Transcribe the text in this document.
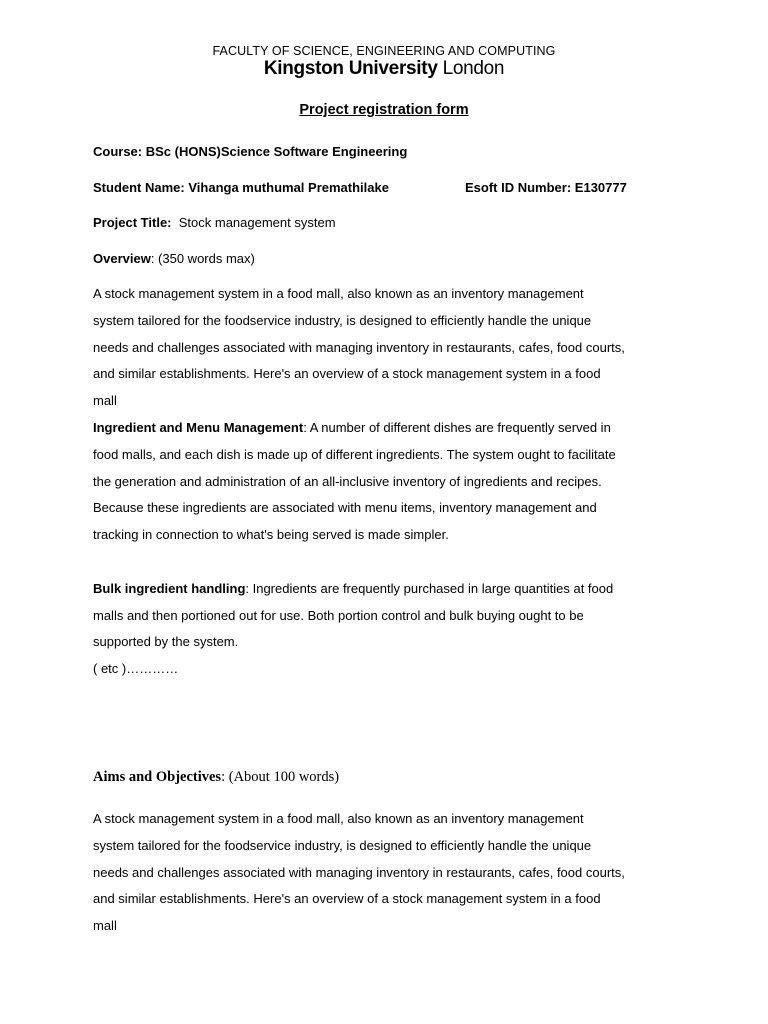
FACULTY OF SCIENCE, ENGINEERING AND COMPUTING
Kingston University London
Project registration form
Course: BSc (HONS)Science Software Engineering
Student Name: Vihanga muthumal Premathilake	Esoft ID Number: E130777
Project Title: Stock management system
Overview: (350 words max)
A stock management system in a food mall, also known as an inventory management
system tailored for the foodservice industry, is designed to efficiently handle the unique
needs and challenges associated with managing inventory in restaurants, cafes, food courts,
and similar establishments. Here's an overview of a stock management system in a food
mall
Ingredient and Menu Management: A number of different dishes are frequently served in
food malls, and each dish is made up of different ingredients. The system ought to facilitate
the generation and administration of an all-inclusive inventory of ingredients and recipes.
Because these ingredients are associated with menu items, inventory management and
tracking in connection to what's being served is made simpler.
Bulk ingredient handling: Ingredients are frequently purchased in large quantities at food
malls and then portioned out for use. Both portion control and bulk buying ought to be
supported by the system.
( etc )…………
Aims and Objectives: (About 100 words)
A stock management system in a food mall, also known as an inventory management
system tailored for the foodservice industry, is designed to efficiently handle the unique
needs and challenges associated with managing inventory in restaurants, cafes, food courts,
and similar establishments. Here's an overview of a stock management system in a food
mall
